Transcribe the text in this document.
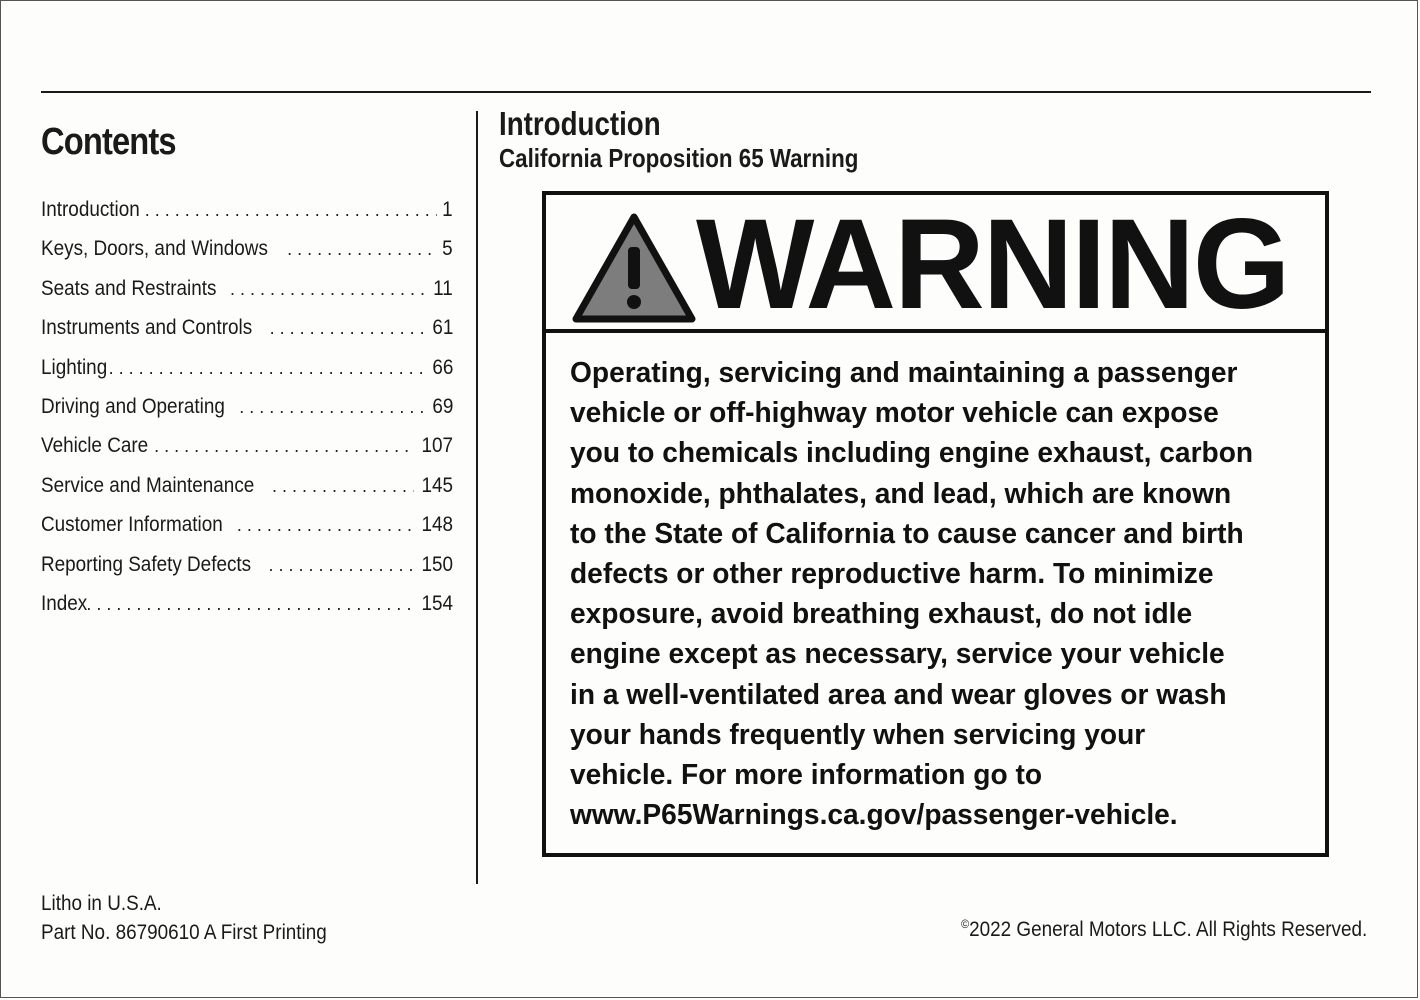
Contents
Introduction . . .	1
Keys, Doors, and Windows . . .	5
Seats and Restraints . . .	11
Instruments and Controls . . .	61
Lighting . . .	66
Driving and Operating . . .	69
Vehicle Care . . .	107
Service and Maintenance . . .	145
Customer Information . . .	148
Reporting Safety Defects . . .	150
Index . . .	154
Litho in U.S.A.
Part No. 86790610 A First Printing	©2022 General Motors LLC. All Rights Reserved.
Introduction
California Proposition 65 Warning
WARNING
Operating, servicing and maintaining a passenger
vehicle or off-highway motor vehicle can expose
you to chemicals including engine exhaust, carbon
monoxide, phthalates, and lead, which are known
to the State of California to cause cancer and birth
defects or other reproductive harm. To minimize
exposure, avoid breathing exhaust, do not idle
engine except as necessary, service your vehicle
in a well-ventilated area and wear gloves or wash
your hands frequently when servicing your
vehicle. For more information go to
www.P65Warnings.ca.gov/passenger-vehicle.
